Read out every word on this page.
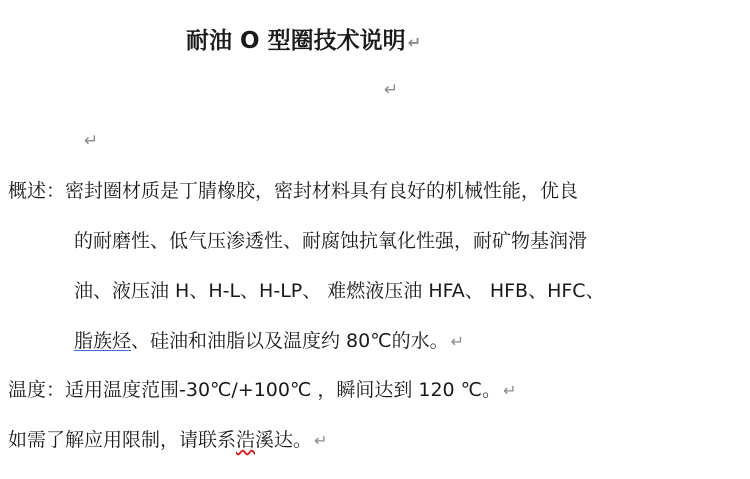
耐油 O 型圈技术说明 ↵
↵
↵
概述：密封圈材质是丁腈橡胶，密封材料具有良好的机械性能，优良
的耐磨性、低气压渗透性、耐腐蚀抗氧化性强，耐矿物基润滑
油、液压油 H、H-L、H-LP、 难燃液压油 HFA、 HFB、HFC、
脂族烃、硅油和油脂以及温度约 80℃的水。 ↵
温度：适用温度范围-30℃/+100℃ ，瞬间达到 120 ℃。 ↵
如需了解应用限制，请联系浩溪达。 ↵
